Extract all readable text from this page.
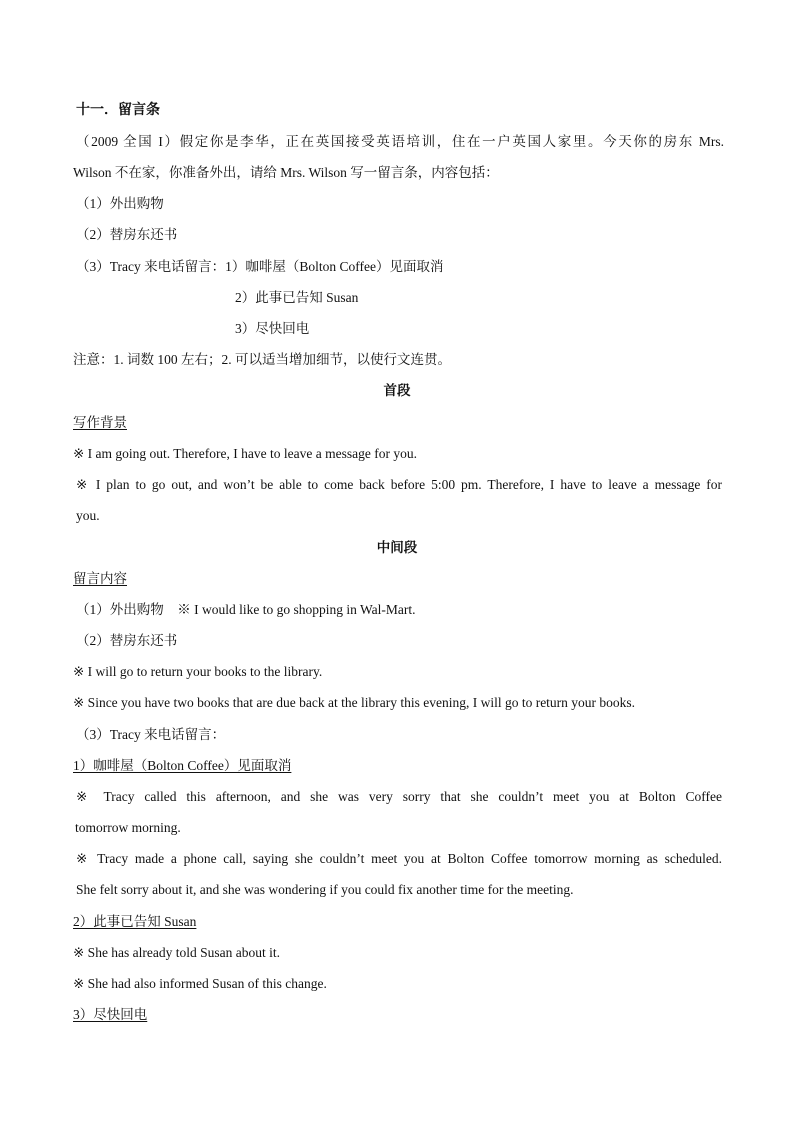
十一．留言条
（2009 全国 I）假定你是李华，正在英国接受英语培训，住在一户英国人家里。今天你的房东 Mrs.
Wilson 不在家，你准备外出，请给 Mrs. Wilson 写一留言条，内容包括：
（1）外出购物
（2）替房东还书
（3）Tracy 来电话留言：1）咖啡屋（Bolton Coffee）见面取消
2）此事已告知 Susan
3）尽快回电
注意：1. 词数 100 左右；2. 可以适当增加细节，以使行文连贯。
首段
写作背景
※ I am going out. Therefore, I have to leave a message for you.
※ I plan to go out, and won’t be able to come back before 5:00 pm. Therefore, I have to leave a message for
you.
中间段
留言内容
（1）外出购物　※ I would like to go shopping in Wal-Mart.
（2）替房东还书
※ I will go to return your books to the library.
※ Since you have two books that are due back at the library this evening, I will go to return your books.
（3）Tracy 来电话留言：
1）咖啡屋（Bolton Coffee）见面取消
※ Tracy called this afternoon, and she was very sorry that she couldn’t meet you at Bolton Coffee
tomorrow morning.
※ Tracy made a phone call, saying she couldn’t meet you at Bolton Coffee tomorrow morning as scheduled.
She felt sorry about it, and she was wondering if you could fix another time for the meeting.
2）此事已告知 Susan
※ She has already told Susan about it.
※ She had also informed Susan of this change.
3）尽快回电
